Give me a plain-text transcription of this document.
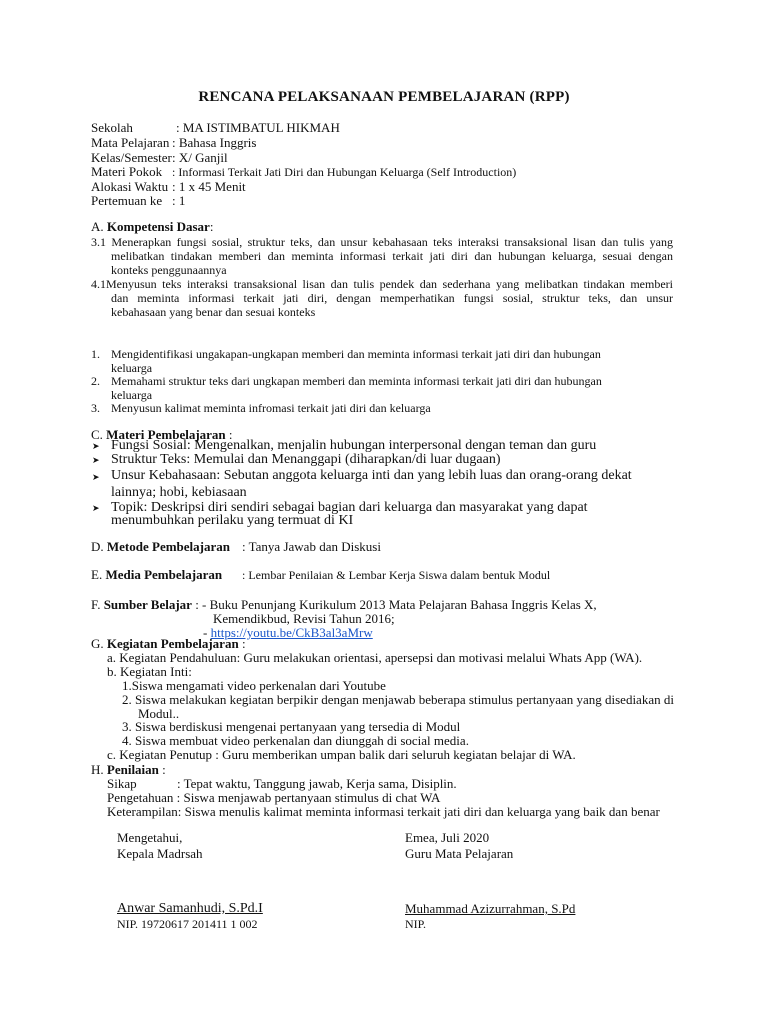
RENCANA PELAKSANAAN PEMBELAJARAN (RPP)
Sekolah	: MA ISTIMBATUL HIKMAH
Mata Pelajaran : Bahasa Inggris
Kelas/Semester : X/ Ganjil
Materi Pokok : Informasi Terkait Jati Diri dan Hubungan Keluarga (Self Introduction)
Alokasi Waktu : 1 x 45 Menit
Pertemuan ke : 1
A. Kompetensi Dasar:
3.1 Menerapkan fungsi sosial, struktur teks, dan unsur kebahasaan teks interaksi transaksional lisan dan tulis yang
melibatkan tindakan memberi dan meminta informasi terkait jati diri dan hubungan keluarga, sesuai dengan
konteks penggunaannya
4.1Menyusun teks interaksi transaksional lisan dan tulis pendek dan sederhana yang melibatkan tindakan memberi
dan meminta informasi terkait jati diri, dengan memperhatikan fungsi sosial, struktur teks, dan unsur
kebahasaan yang benar dan sesuai konteks
1. Mengidentifikasi ungakapan-ungkapan memberi dan meminta informasi terkait jati diri dan hubungan
keluarga
2. Memahami struktur teks dari ungkapan memberi dan meminta informasi terkait jati diri dan hubungan
keluarga
3. Menyusun kalimat meminta infromasi terkait jati diri dan keluarga
C. Materi Pembelajaran :
➤ Fungsi Sosial: Mengenalkan, menjalin hubungan interpersonal dengan teman dan guru
➤ Struktur Teks: Memulai dan Menanggapi (diharapkan/di luar dugaan)
➤ Unsur Kebahasaan: Sebutan anggota keluarga inti dan yang lebih luas dan orang-orang dekat
lainnya; hobi, kebiasaan
➤ Topik: Deskripsi diri sendiri sebagai bagian dari keluarga dan masyarakat yang dapat
menumbuhkan perilaku yang termuat di KI
D. Metode Pembelajaran : Tanya Jawab dan Diskusi
E. Media Pembelajaran : Lembar Penilaian & Lembar Kerja Siswa dalam bentuk Modul
F. Sumber Belajar : - Buku Penunjang Kurikulum 2013 Mata Pelajaran Bahasa Inggris Kelas X,
Kemendikbud, Revisi Tahun 2016;
- https://youtu.be/CkB3al3aMrw
G. Kegiatan Pembelajaran :
a. Kegiatan Pendahuluan: Guru melakukan orientasi, apersepsi dan motivasi melalui Whats App (WA).
b. Kegiatan Inti:
1.Siswa mengamati video perkenalan dari Youtube
2. Siswa melakukan kegiatan berpikir dengan menjawab beberapa stimulus pertanyaan yang disediakan di
Modul..
3. Siswa berdiskusi mengenai pertanyaan yang tersedia di Modul
4. Siswa membuat video perkenalan dan diunggah di social media.
c. Kegiatan Penutup : Guru memberikan umpan balik dari seluruh kegiatan belajar di WA.
H. Penilaian :
Sikap	: Tepat waktu, Tanggung jawab, Kerja sama, Disiplin.
Pengetahuan : Siswa menjawab pertanyaan stimulus di chat WA
Keterampilan: Siswa menulis kalimat meminta informasi terkait jati diri dan keluarga yang baik dan benar
Mengetahui,
Kepala Madrsah
Emea, Juli 2020
Guru Mata Pelajaran
Anwar Samanhudi, S.Pd.I
NIP. 19720617 201411 1 002
Muhammad Azizurrahman, S.Pd
NIP.
